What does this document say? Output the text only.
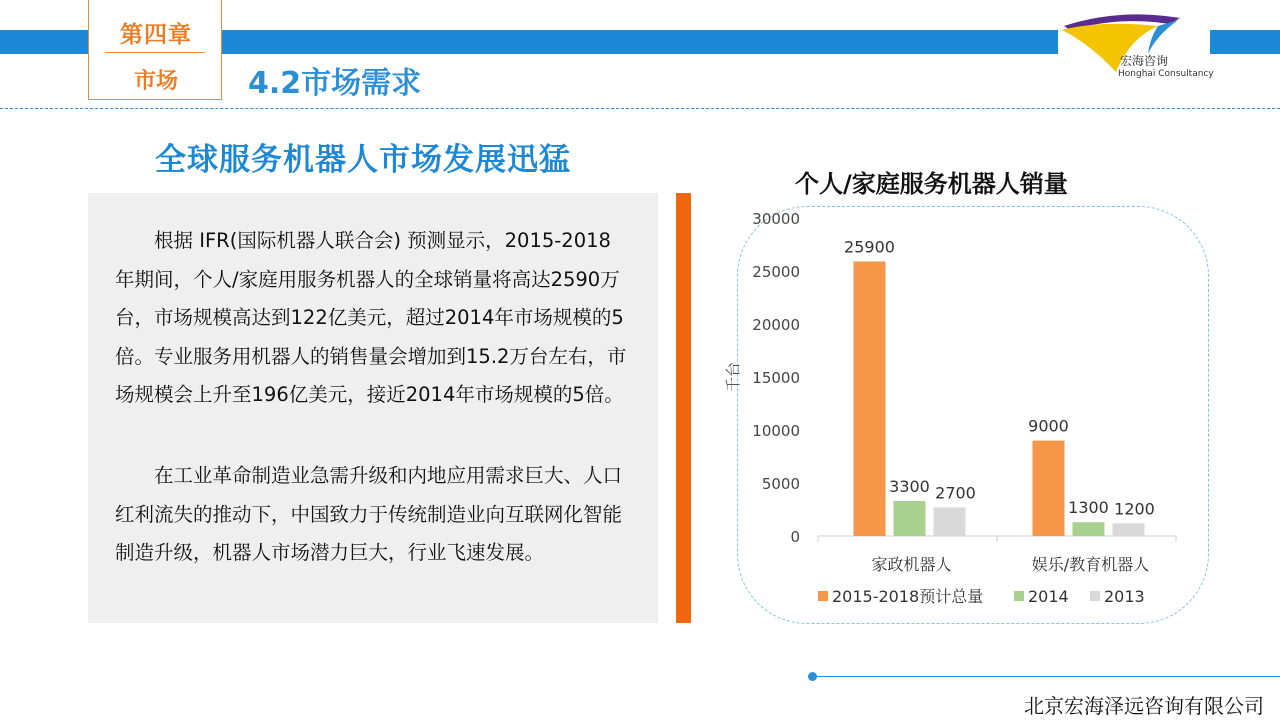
第四章
市场	4.2市场需求
宏海咨询
Honghai Consultancy
全球服务机器人市场发展迅猛
根据 IFR(国际机器人联合会) 预测显示，2015-2018年期间，个人/家庭用服务机器人的全球销量将高达2590万台，市场规模高达到122亿美元，超过2014年市场规模的5倍。专业服务用机器人的销售量会增加到15.2万台左右，市场规模会上升至196亿美元，接近2014年市场规模的5倍。
在工业革命制造业急需升级和内地应用需求巨大、人口红利流失的推动下，中国致力于传统制造业向互联网化智能制造升级，机器人市场潜力巨大，行业飞速发展。
个人/家庭服务机器人销量
0
5000
10000
15000
20000
25000
30000
千台
25900
3300 2700
家政机器人
9000
1300 1200
娱乐/教育机器人
2015-2018预计总量	2014 2013
北京宏海泽远咨询有限公司
